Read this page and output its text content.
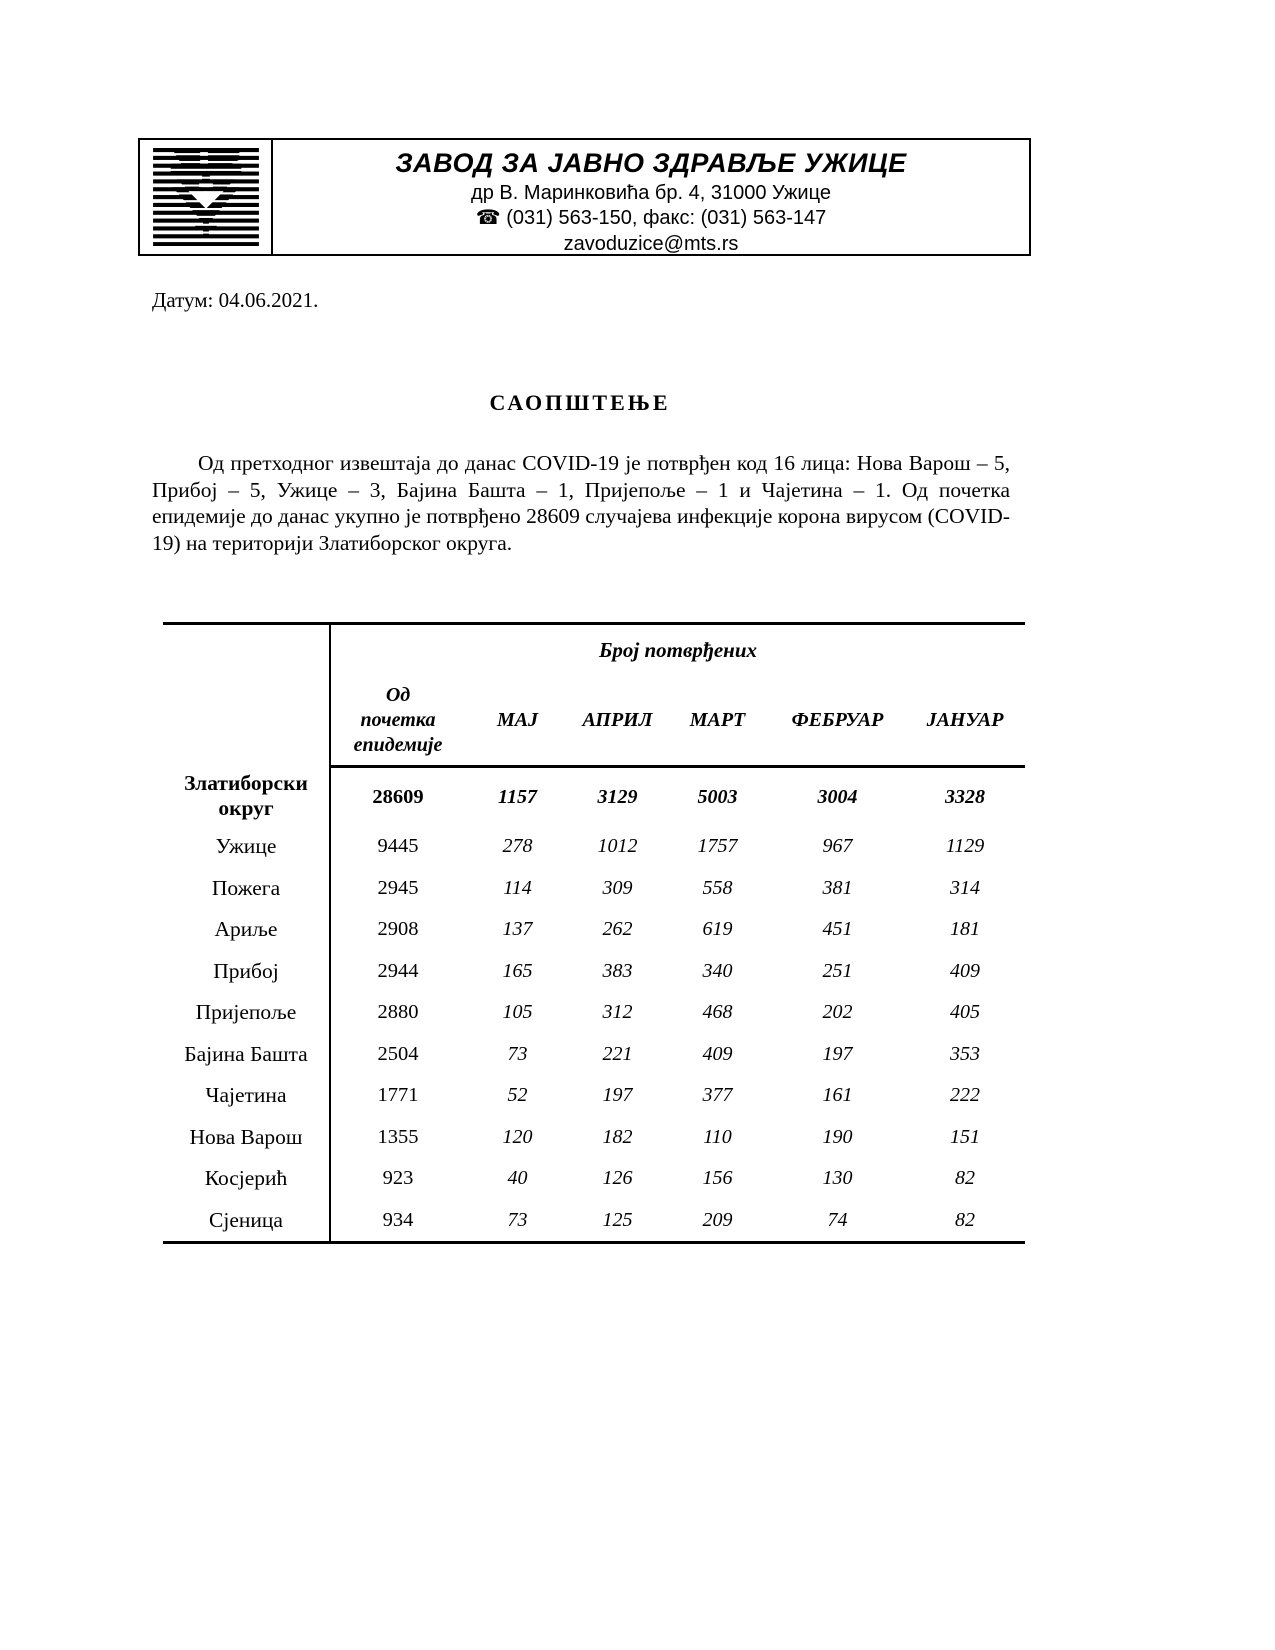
ЗАВОД ЗА ЈАВНО ЗДРАВЉЕ УЖИЦЕ
др В. Маринковића бр. 4, 31000 Ужице
☎ (031) 563-150, факс: (031) 563-147
zavoduzice@mts.rs
Датум: 04.06.2021.
САОПШТЕЊЕ

Од претходног извештаја до данас COVID-19 је потврђен код 16 лица: Нова Варош – 5, Прибој – 5, Ужице – 3, Бајина Башта – 1, Пријепоље – 1 и Чајетина – 1. Од почетка епидемије до данас укупно је потврђено 28609 случајева инфекције корона вирусом (COVID-19) на територији Златиборског округа.

	Број потврђених					
	Од почетка епидемије	МАЈ	АПРИЛ	МАРТ	ФЕБРУАР	ЈАНУАР
Златиборски округ	28609	1157	3129	5003	3004	3328
Ужице	9445	278	1012	1757	967	1129
Пожега	2945	114	309	558	381	314
Ариље	2908	137	262	619	451	181
Прибој	2944	165	383	340	251	409
Пријепоље	2880	105	312	468	202	405
Бајина Башта	2504	73	221	409	197	353
Чајетина	1771	52	197	377	161	222
Нова Варош	1355	120	182	110	190	151
Косјерић	923	40	126	156	130	82
Сјеница	934	73	125	209	74	82
